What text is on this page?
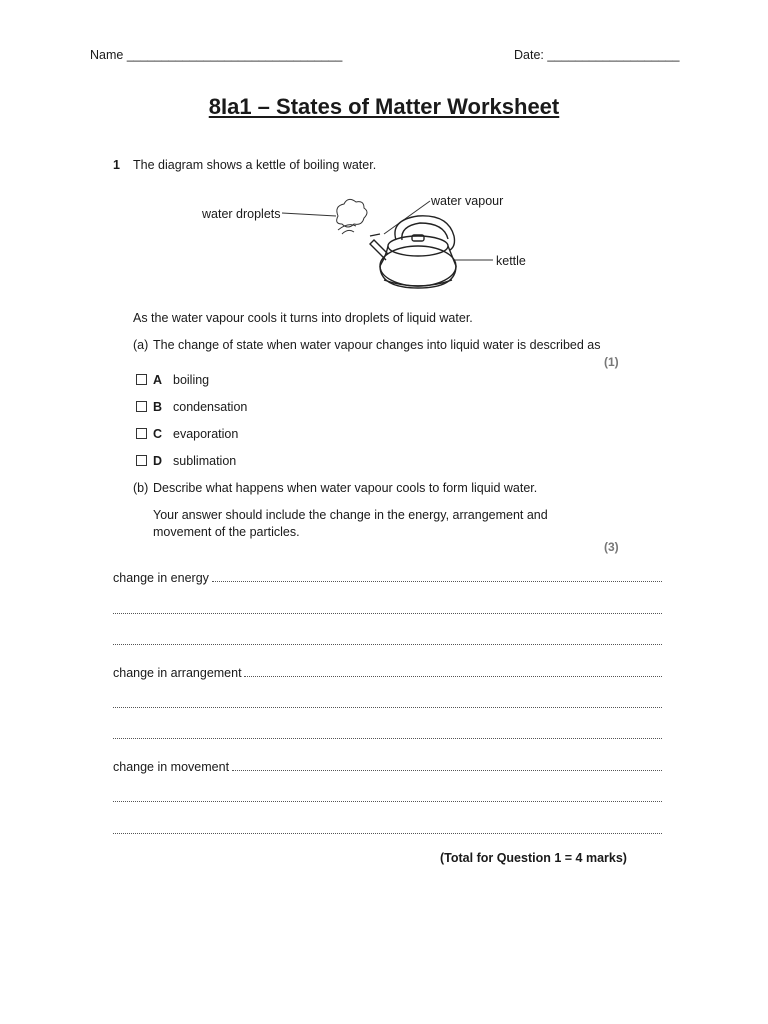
Name _______________________________	Date: ___________________
8Ia1 – States of Matter Worksheet
1 The diagram shows a kettle of boiling water.
water droplets
water vapour
kettle
As the water vapour cools it turns into droplets of liquid water.
(a) The change of state when water vapour changes into liquid water is described as
(1)
A boiling
B condensation
C evaporation
D sublimation
(b) Describe what happens when water vapour cools to form liquid water.
Your answer should include the change in the energy, arrangement and
movement of the particles.
(3)
change in energy
change in arrangement
change in movement
(Total for Question 1 = 4 marks)
